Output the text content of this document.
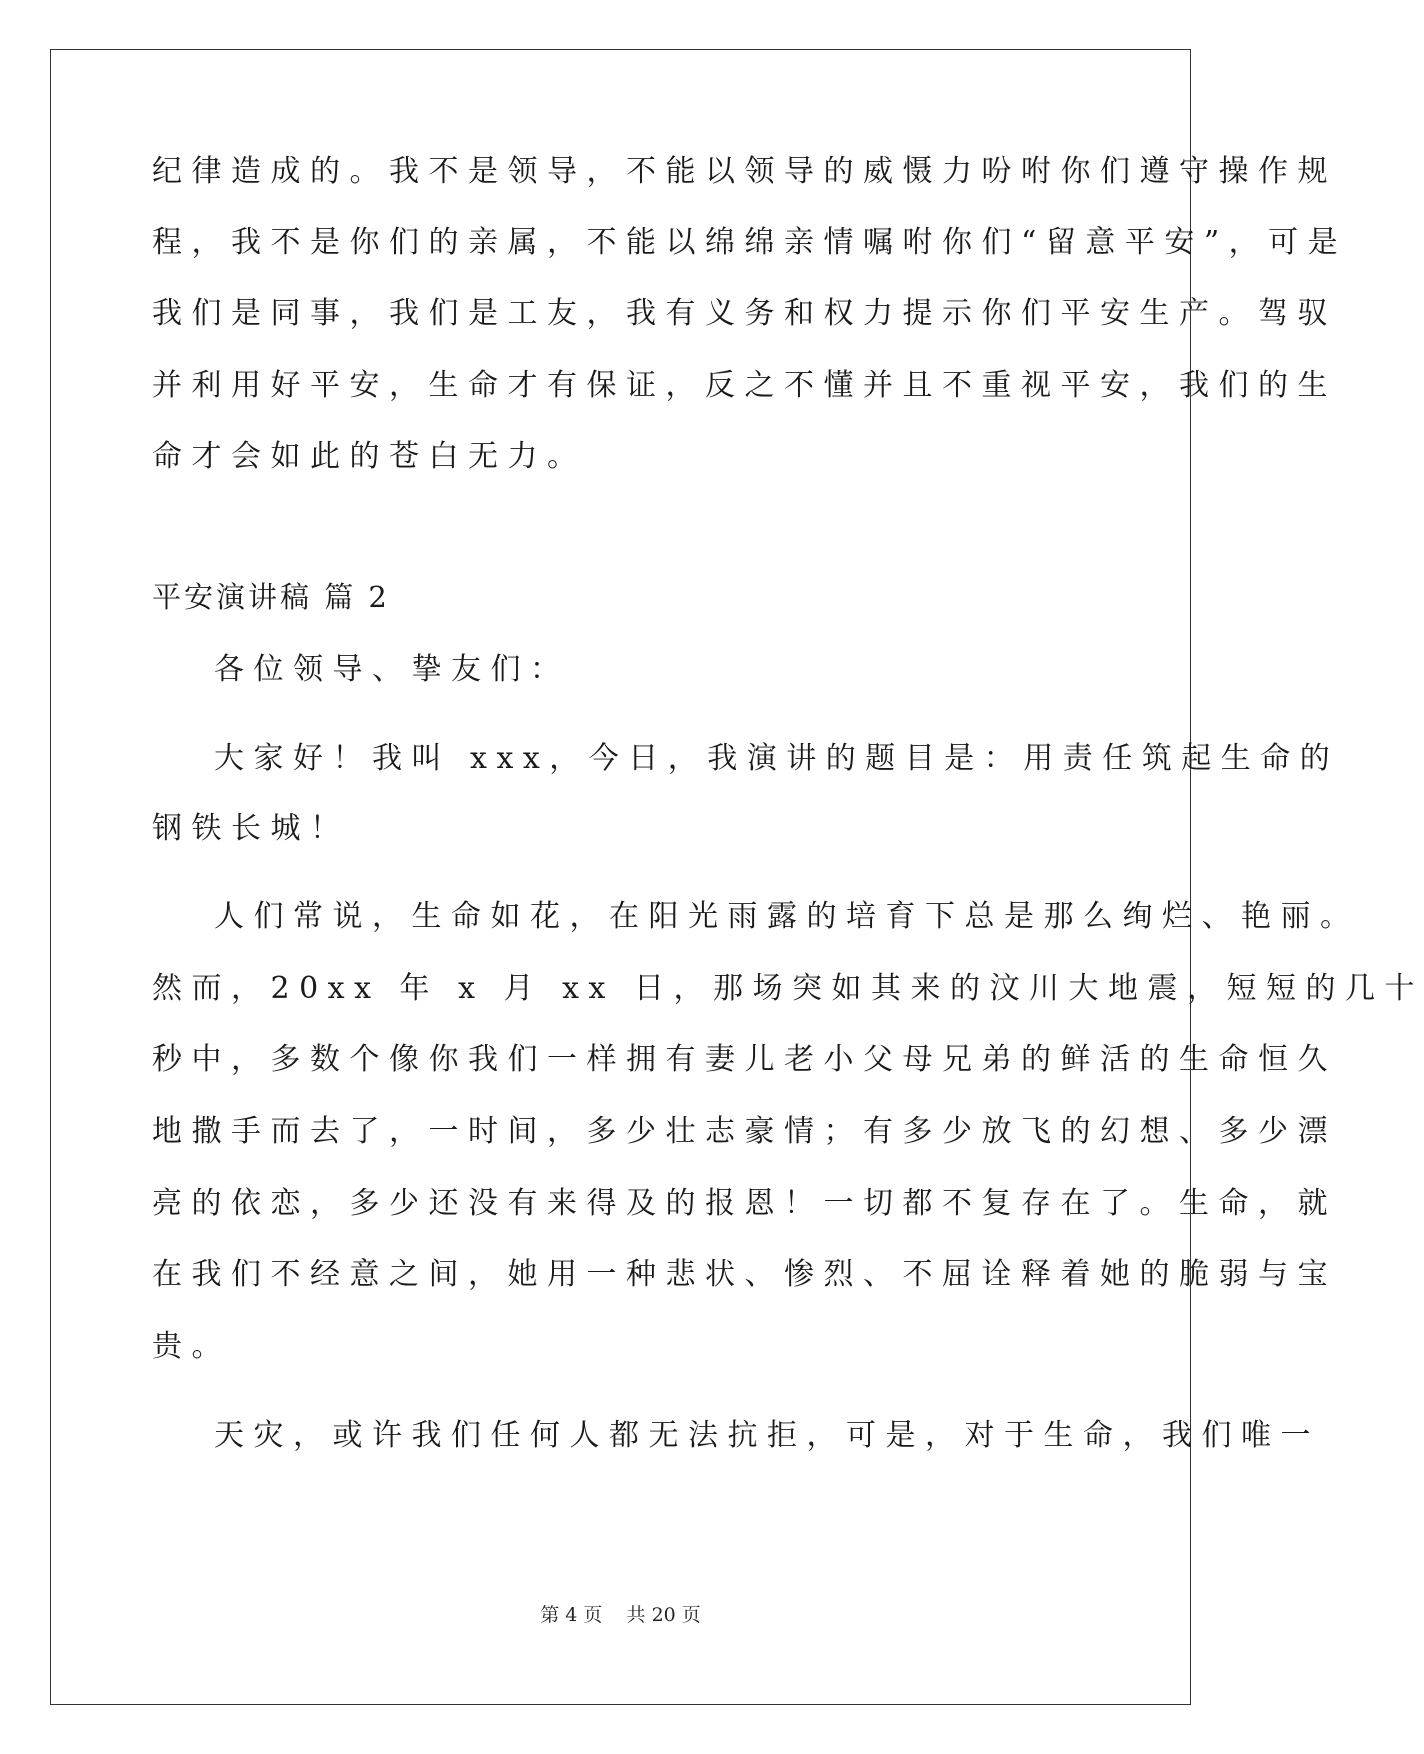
纪律造成的。我不是领导，不能以领导的威慑力吩咐你们遵守操作规
程，我不是你们的亲属，不能以绵绵亲情嘱咐你们“留意平安”，可是
我们是同事，我们是工友，我有义务和权力提示你们平安生产。驾驭
并利用好平安，生命才有保证，反之不懂并且不重视平安，我们的生
命才会如此的苍白无力。
平安演讲稿 篇 2
各位领导、挚友们：
大家好！我叫 xxx，今日，我演讲的题目是：用责任筑起生命的
钢铁长城！
人们常说，生命如花，在阳光雨露的培育下总是那么绚烂、艳丽。
然而，20xx 年 x 月 xx 日，那场突如其来的汶川大地震，短短的几十
秒中，多数个像你我们一样拥有妻儿老小父母兄弟的鲜活的生命恒久
地撒手而去了，一时间，多少壮志豪情；有多少放飞的幻想、多少漂
亮的依恋，多少还没有来得及的报恩！一切都不复存在了。生命，就
在我们不经意之间，她用一种悲状、惨烈、不屈诠释着她的脆弱与宝
贵。
天灾，或许我们任何人都无法抗拒，可是，对于生命，我们唯一
第 4 页 共 20 页
